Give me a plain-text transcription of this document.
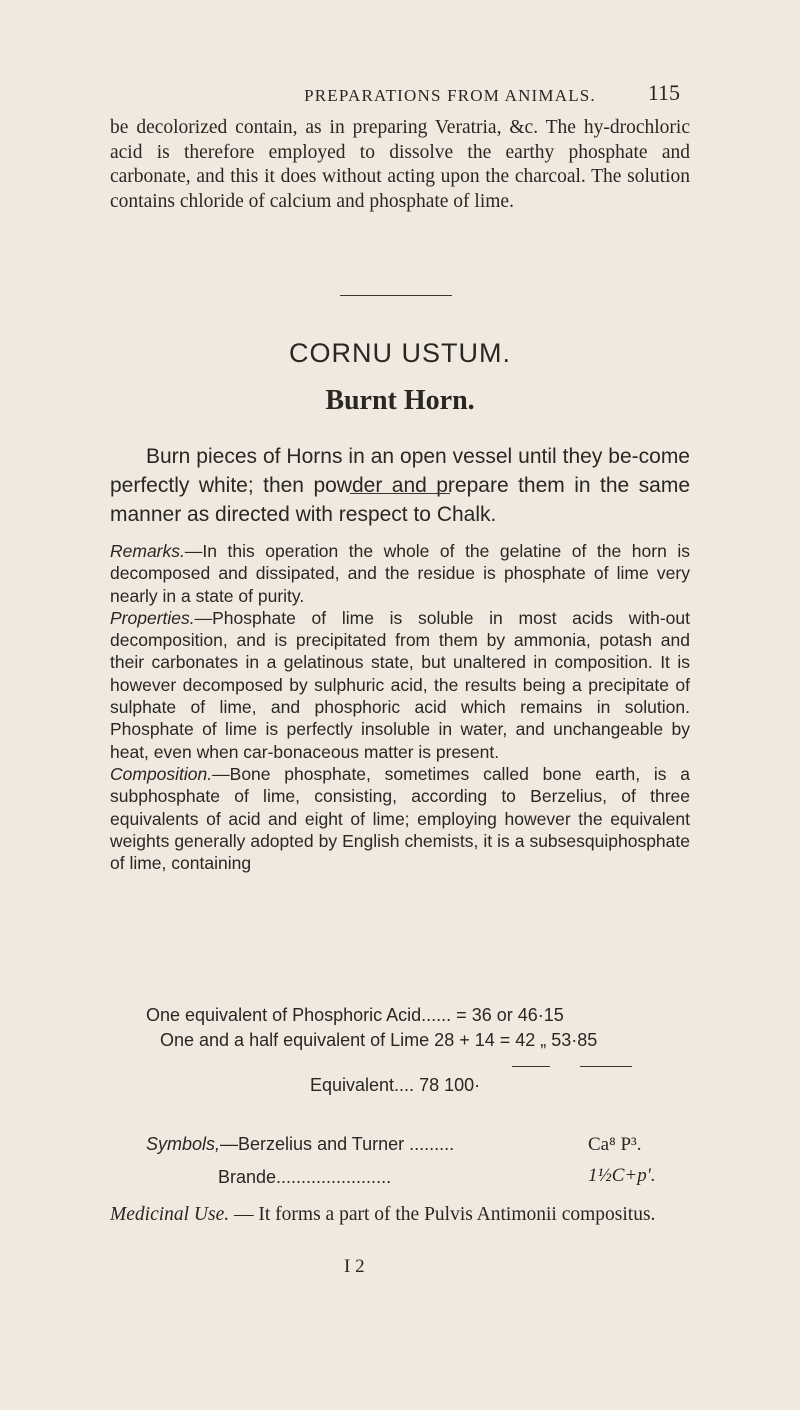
PREPARATIONS FROM ANIMALS.	115
be decolorized contain, as in preparing Veratria, &c. The hy-drochloric acid is therefore employed to dissolve the earthy phosphate and carbonate, and this it does without acting upon the charcoal. The solution contains chloride of calcium and phosphate of lime.
CORNU USTUM.
Burnt Horn.
Burn pieces of Horns in an open vessel until they be-come perfectly white; then powder and prepare them in the same manner as directed with respect to Chalk.

Remarks.—In this operation the whole of the gelatine of the horn is decomposed and dissipated, and the residue is phosphate of lime very nearly in a state of purity.

Properties.—Phosphate of lime is soluble in most acids with-out decomposition, and is precipitated from them by ammonia, potash and their carbonates in a gelatinous state, but unaltered in composition. It is however decomposed by sulphuric acid, the results being a precipitate of sulphate of lime, and phosphoric acid which remains in solution. Phosphate of lime is perfectly insoluble in water, and unchangeable by heat, even when car-bonaceous matter is present.

Composition.—Bone phosphate, sometimes called bone earth, is a subphosphate of lime, consisting, according to Berzelius, of three equivalents of acid and eight of lime; employing however the equivalent weights generally adopted by English chemists, it is a subsesquiphosphate of lime, containing

One equivalent of Phosphoric Acid...... = 36 or 46·15
One and a half equivalent of Lime 28 + 14 = 42 „ 53·85
Equivalent.... 78 100·
Symbols,—Berzelius and Turner .........	Ca⁸ P³.
Brande.......................	1½C+p′.
Medicinal Use. — It forms a part of the Pulvis Antimonii compositus.
I 2
